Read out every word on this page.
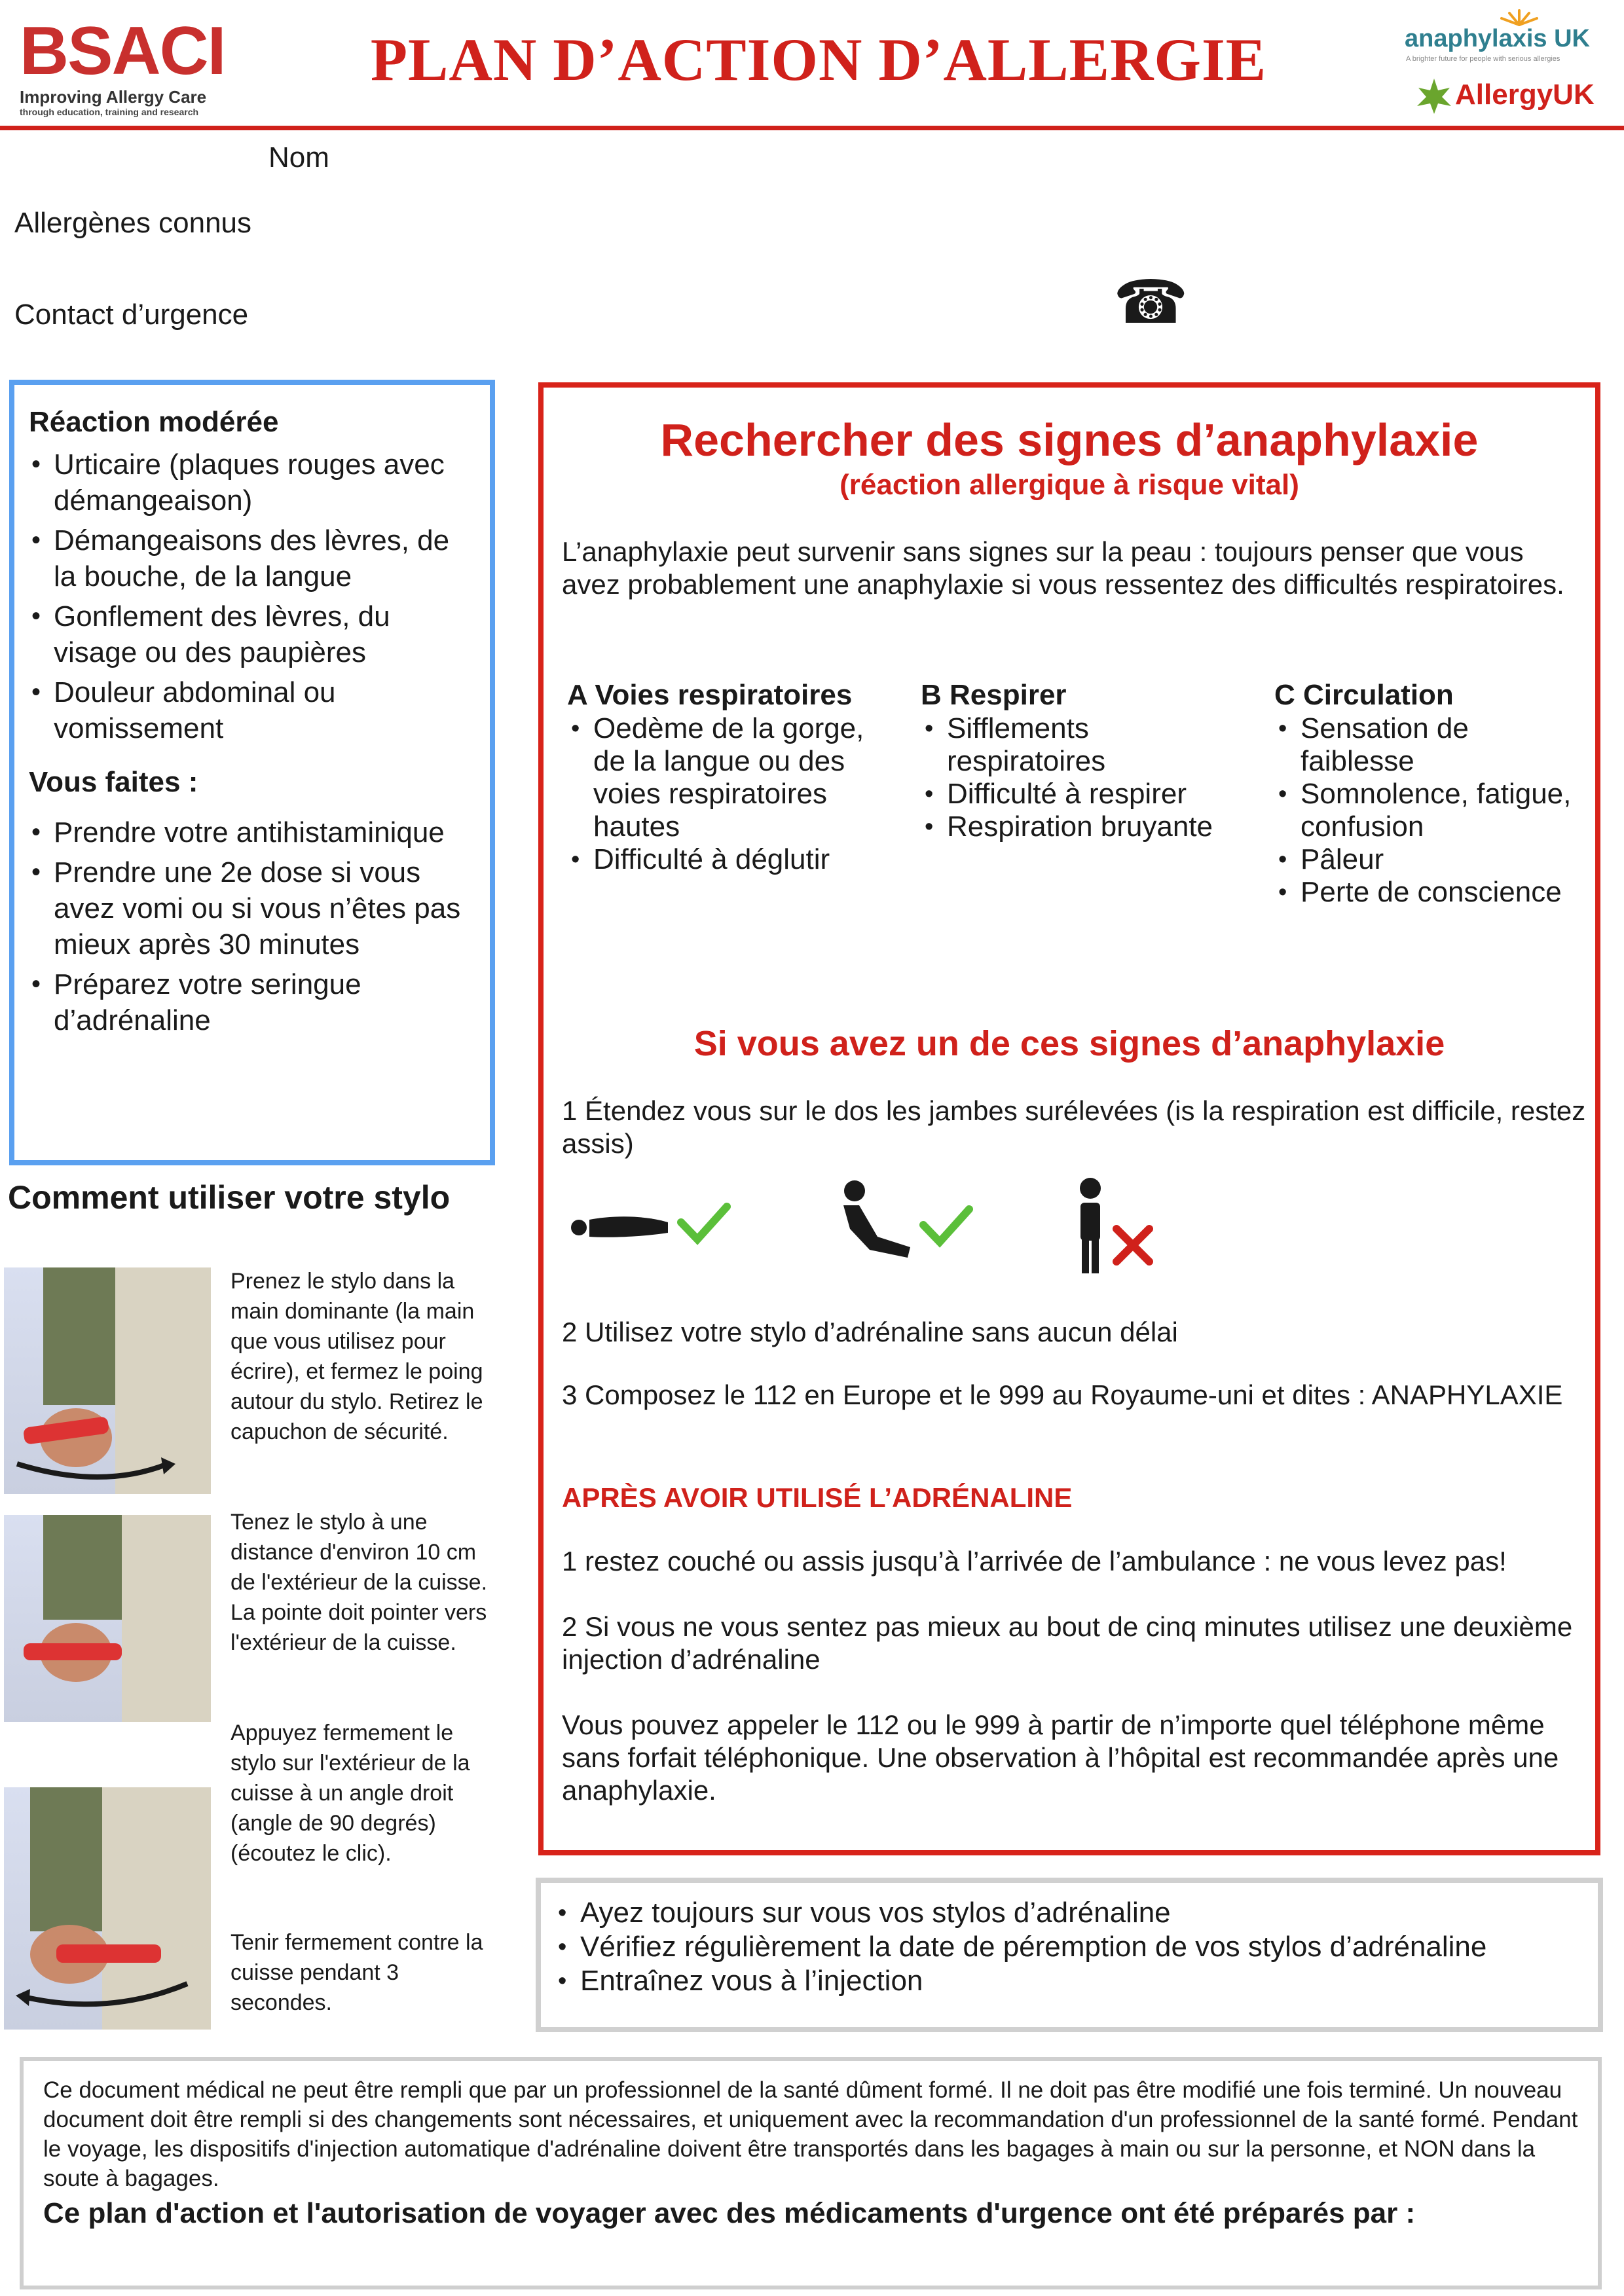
BSACI
Improving Allergy Care
through education, training and research
PLAN D’ACTION D’ALLERGIE	anaphylaxis UK
A brighter future for people with serious allergies
AllergyUK
Nom
Allergènes connus
Contact d’urgence	☎
Réaction modérée
• Urticaire (plaques rouges avec démangeaison)
• Démangeaisons des lèvres, de la bouche, de la langue
• Gonflement des lèvres, du visage ou des paupières
• Douleur abdominal ou vomissement
Vous faites :
• Prendre votre antihistaminique
• Prendre une 2e dose si vous avez vomi ou si vous n’êtes pas mieux après 30 minutes
• Préparez votre seringue d’adrénaline
Rechercher des signes d’anaphylaxie
(réaction allergique à risque vital)
L’anaphylaxie peut survenir sans signes sur la peau : toujours penser que vous avez probablement une anaphylaxie si vous ressentez des difficultés respiratoires.
A Voies respiratoires
• Oedème de la gorge, de la langue ou des voies respiratoires hautes
• Difficulté à déglutir
B Respirer
• Sifflements respiratoires
• Difficulté à respirer
• Respiration bruyante
C Circulation
• Sensation de faiblesse
• Somnolence, fatigue, confusion
• Pâleur
• Perte de conscience
Si vous avez un de ces signes d’anaphylaxie
1 Étendez vous sur le dos les jambes surélevées (is la respiration est difficile, restez assis)
2 Utilisez votre stylo d’adrénaline sans aucun délai
3 Composez le 112 en Europe et le 999 au Royaume-uni et dites : ANAPHYLAXIE
APRÈS AVOIR UTILISÉ L’ADRÉNALINE
1 restez couché ou assis jusqu’à l’arrivée de l’ambulance : ne vous levez pas!
2 Si vous ne vous sentez pas mieux au bout de cinq minutes utilisez une deuxième injection d’adrénaline
Vous pouvez appeler le 112 ou le 999 à partir de n’importe quel téléphone même sans forfait téléphonique. Une observation à l’hôpital est recommandée après une anaphylaxie.
Comment utiliser votre stylo
Prenez le stylo dans la main dominante (la main que vous utilisez pour écrire), et fermez le poing autour du stylo. Retirez le capuchon de sécurité.
Tenez le stylo à une distance d'environ 10 cm de l'extérieur de la cuisse. La pointe doit pointer vers l'extérieur de la cuisse.
Appuyez fermement le stylo sur l'extérieur de la cuisse à un angle droit (angle de 90 degrés) (écoutez le clic).
Tenir fermement contre la cuisse pendant 3 secondes.
• Ayez toujours sur vous vos stylos d’adrénaline
• Vérifiez régulièrement la date de péremption de vos stylos d’adrénaline
• Entraînez vous à l’injection
Ce document médical ne peut être rempli que par un professionnel de la santé dûment formé. Il ne doit pas être modifié une fois terminé. Un nouveau document doit être rempli si des changements sont nécessaires, et uniquement avec la recommandation d'un professionnel de la santé formé. Pendant le voyage, les dispositifs d'injection automatique d'adrénaline doivent être transportés dans les bagages à main ou sur la personne, et NON dans la soute à bagages.
Ce plan d'action et l'autorisation de voyager avec des médicaments d'urgence ont été préparés par :
